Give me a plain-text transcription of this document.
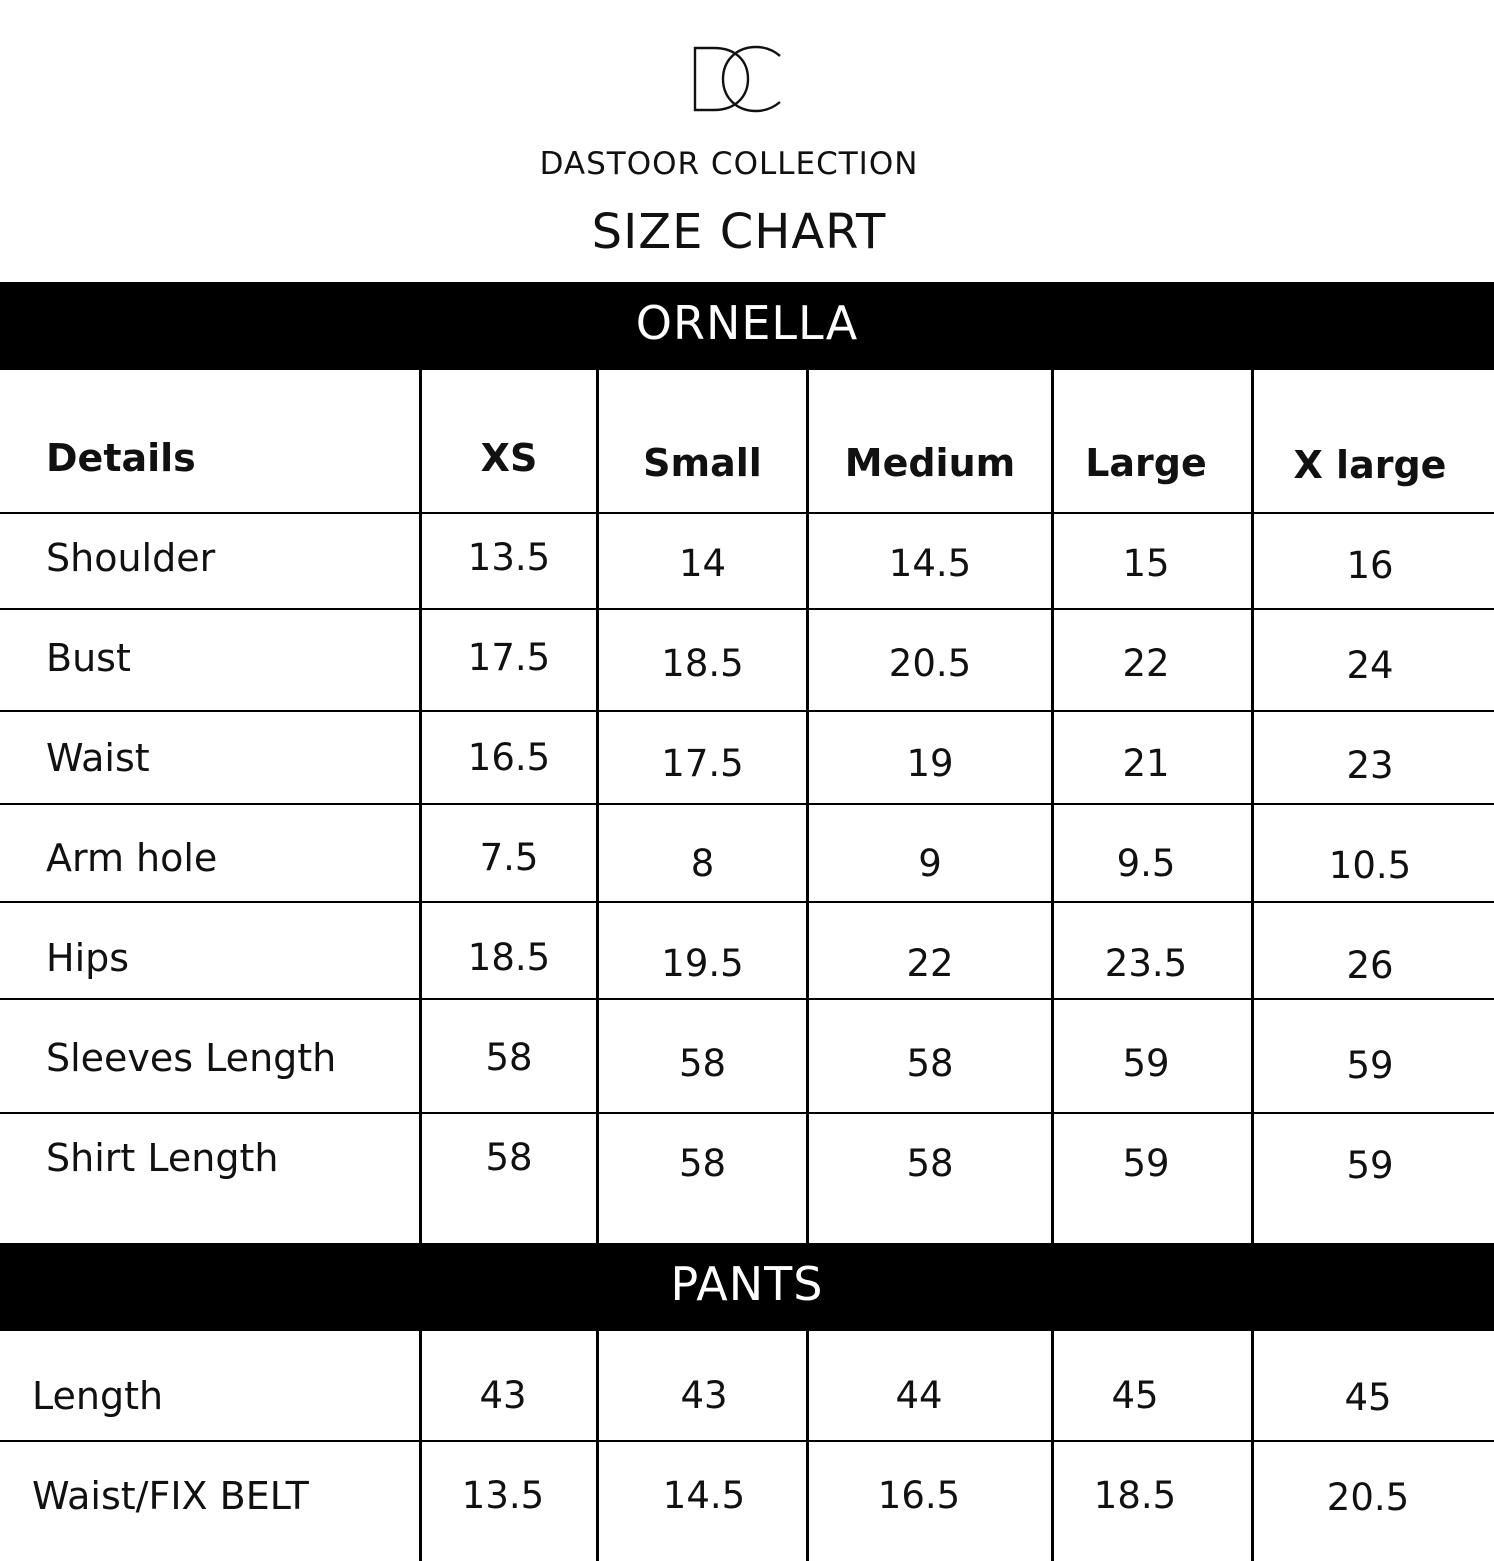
DASTOOR COLLECTION
SIZE CHART
ORNELLA
PANTS
Details	XS	Small	Medium	Large	X large
Shoulder	13.5	14	14.5	15	16
Bust	17.5	18.5	20.5	22	24
Waist	16.5	17.5	19	21	23
Arm hole	7.5	8	9	9.5	10.5
Hips	18.5	19.5	22	23.5	26
Sleeves Length	58	58	58	59	59
Shirt Length	58	58	58	59	59
Length	43	43	44	45	45
Waist/FIX BELT	13.5	14.5	16.5	18.5	20.5
